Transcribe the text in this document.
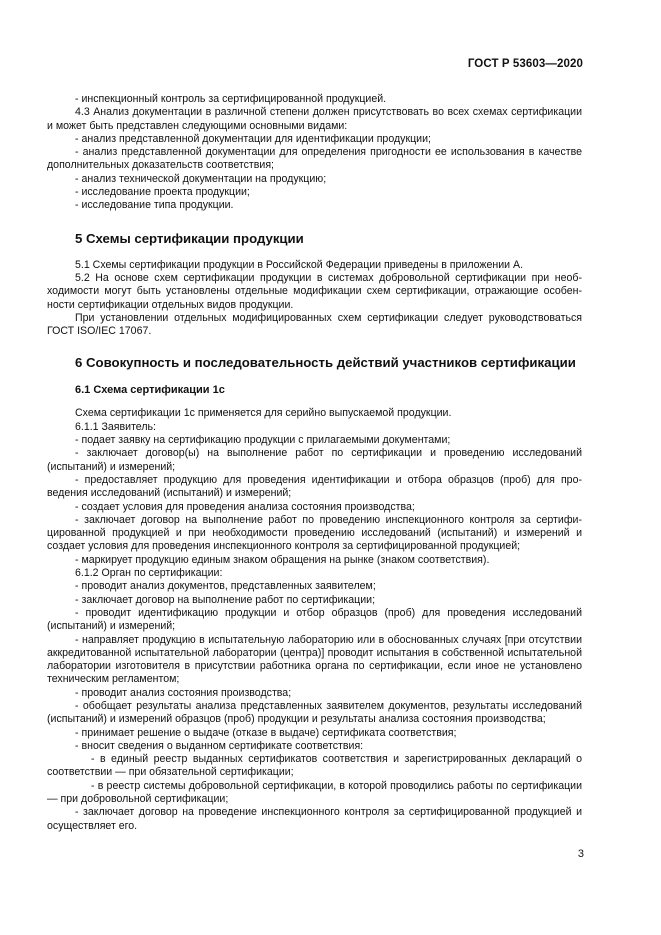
ГОСТ Р 53603—2020

- инспекционный контроль за сертифицированной продукцией.

4.3 Анализ документации в различной степени должен присутствовать во всех схемах сертификации и может быть представлен следующими основными видами:

- анализ представленной документации для идентификации продукции;

- анализ представленной документации для определения пригодности ее использования в качестве дополнительных доказательств соответствия;

- анализ технической документации на продукцию;

- исследование проекта продукции;

- исследование типа продукции.

5 Схемы сертификации продукции

5.1 Схемы сертификации продукции в Российской Федерации приведены в приложении А.

5.2 На основе схем сертификации продукции в системах добровольной сертификации при необходимости могут быть установлены отдельные модификации схем сертификации, отражающие особенности сертификации отдельных видов продукции.

При установлении отдельных модифицированных схем сертификации следует руководствоваться ГОСТ ISO/IEC 17067.

6 Совокупность и последовательность действий участников сертификации
6.1 Схема сертификации 1с

Схема сертификации 1с применяется для серийно выпускаемой продукции.

6.1.1 Заявитель:

- подает заявку на сертификацию продукции с прилагаемыми документами;

- заключает договор(ы) на выполнение работ по сертификации и проведению исследований (испытаний) и измерений;

- предоставляет продукцию для проведения идентификации и отбора образцов (проб) для проведения исследований (испытаний) и измерений;

- создает условия для проведения анализа состояния производства;

- заключает договор на выполнение работ по проведению инспекционного контроля за сертифицированной продукцией и при необходимости проведению исследований (испытаний) и измерений и создает условия для проведения инспекционного контроля за сертифицированной продукцией;

- маркирует продукцию единым знаком обращения на рынке (знаком соответствия).

6.1.2 Орган по сертификации:

- проводит анализ документов, представленных заявителем;

- заключает договор на выполнение работ по сертификации;

- проводит идентификацию продукции и отбор образцов (проб) для проведения исследований (испытаний) и измерений;

- направляет продукцию в испытательную лабораторию или в обоснованных случаях [при отсутствии аккредитованной испытательной лаборатории (центра)] проводит испытания в собственной испытательной лаборатории изготовителя в присутствии работника органа по сертификации, если иное не установлено техническим регламентом;

- проводит анализ состояния производства;

- обобщает результаты анализа представленных заявителем документов, результаты исследований (испытаний) и измерений образцов (проб) продукции и результаты анализа состояния производства;

- принимает решение о выдаче (отказе в выдаче) сертификата соответствия;

- вносит сведения о выданном сертификате соответствия:

- в единый реестр выданных сертификатов соответствия и зарегистрированных деклараций о соответствии — при обязательной сертификации;

- в реестр системы добровольной сертификации, в которой проводились работы по сертификации — при добровольной сертификации;

- заключает договор на проведение инспекционного контроля за сертифицированной продукцией и осуществляет его.

3
